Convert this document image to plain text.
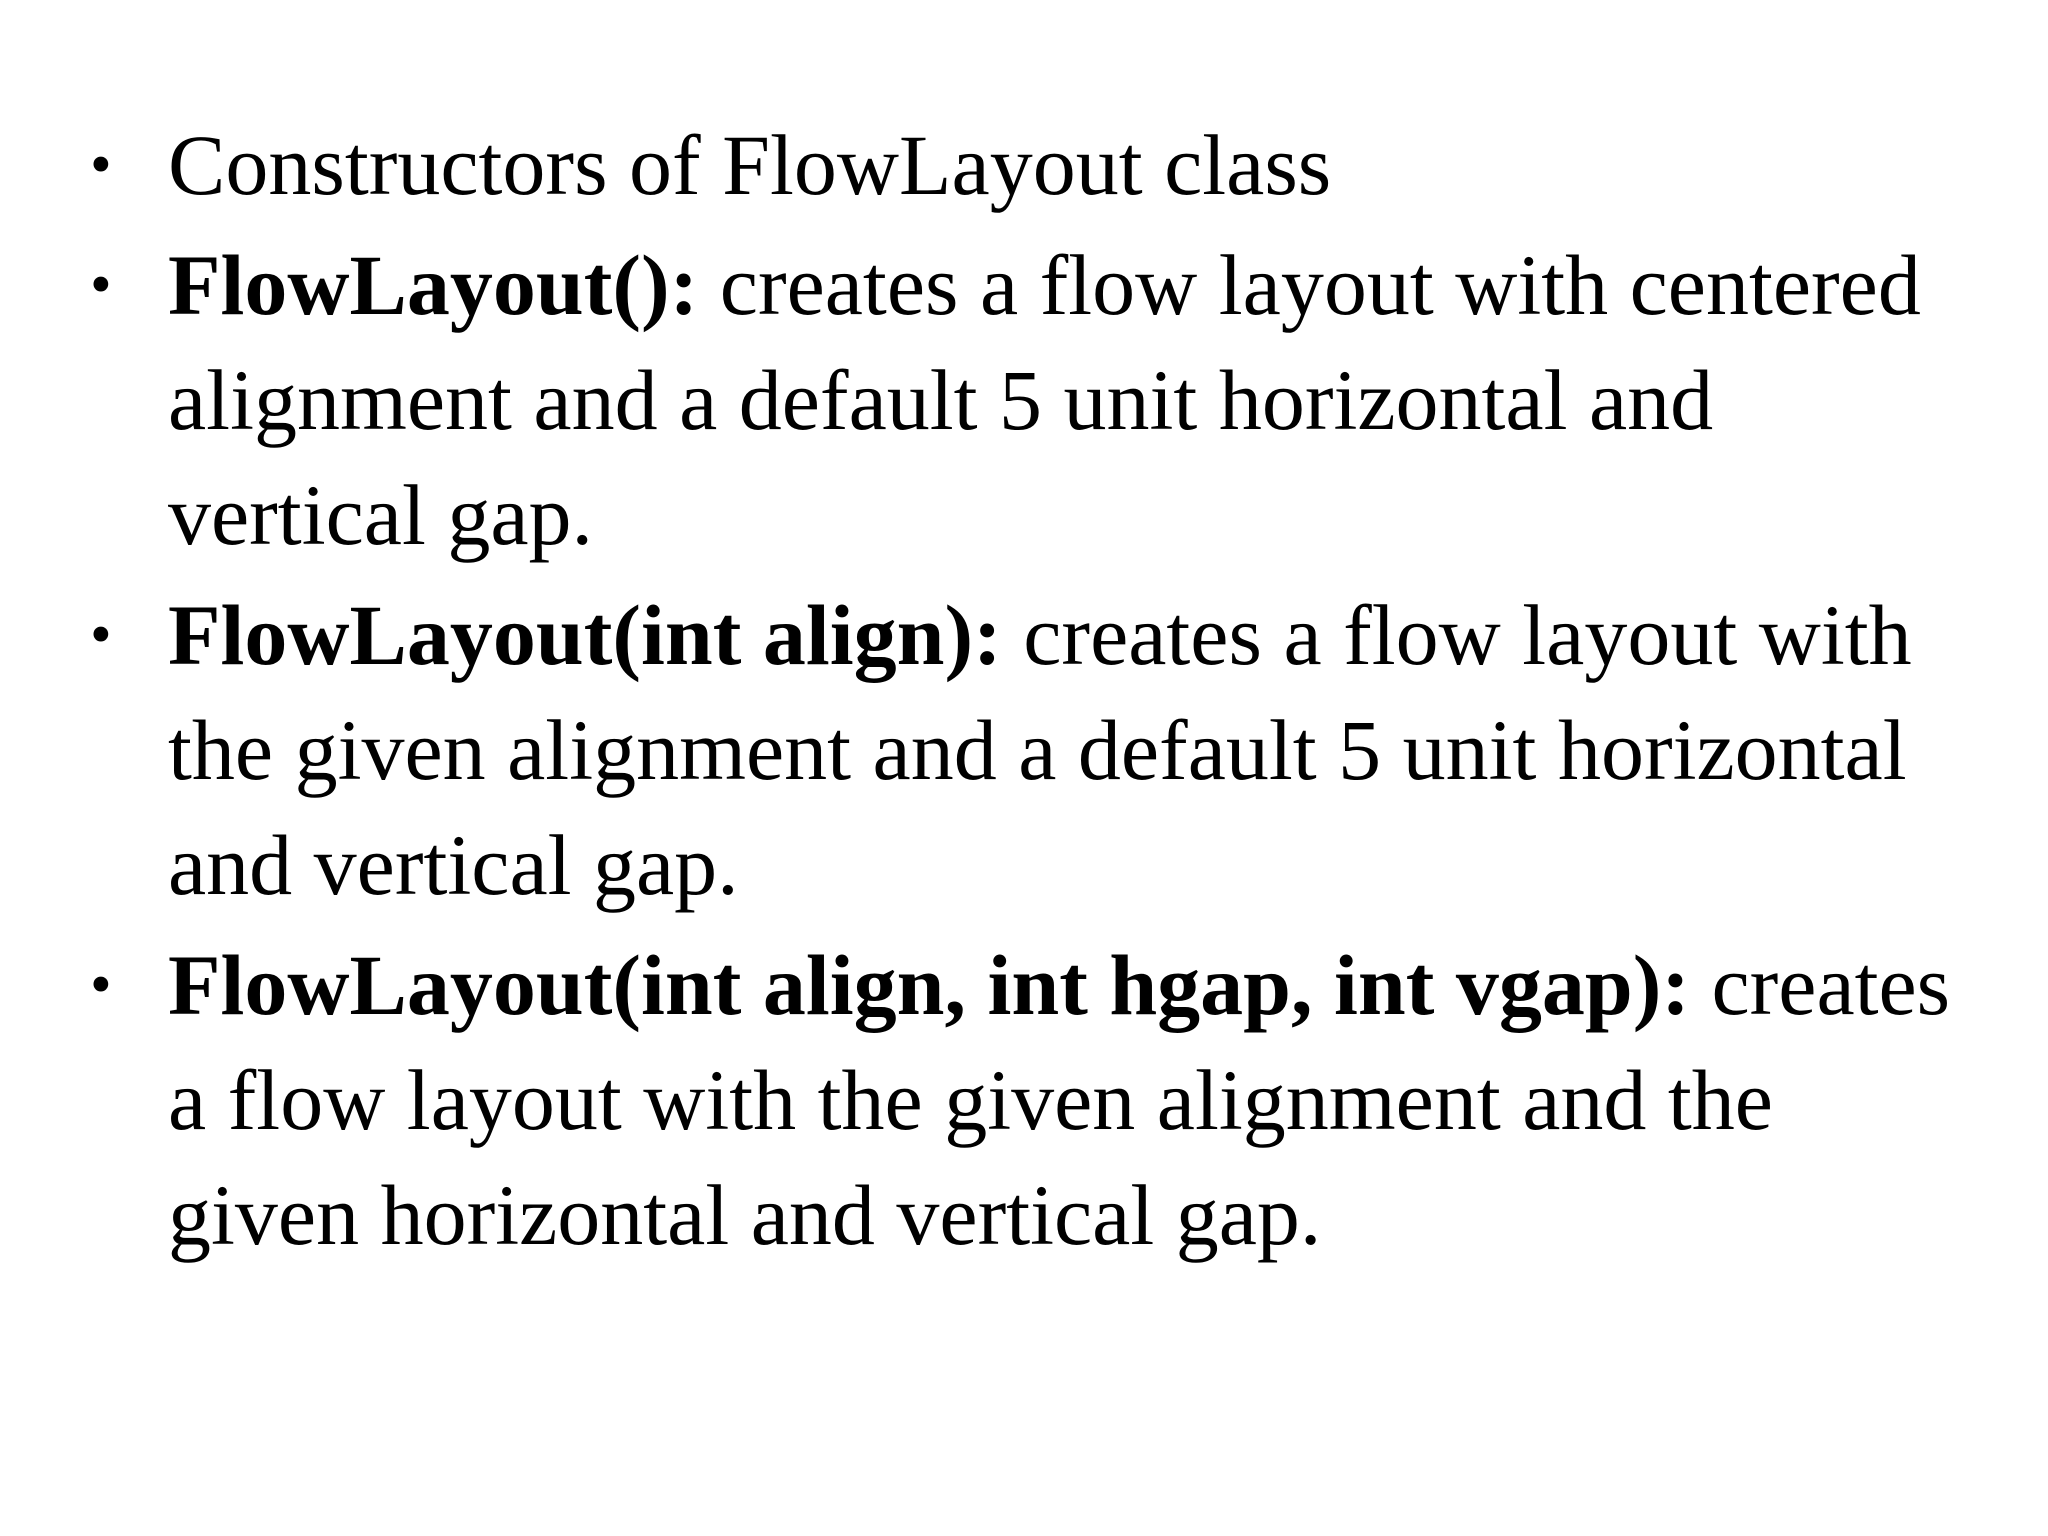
• Constructors of FlowLayout class
• FlowLayout(): creates a flow layout with centered alignment and a default 5 unit horizontal and vertical gap.
• FlowLayout(int align): creates a flow layout with the given alignment and a default 5 unit horizontal and vertical gap.
• FlowLayout(int align, int hgap, int vgap): creates a flow layout with the given alignment and the given horizontal and vertical gap.
